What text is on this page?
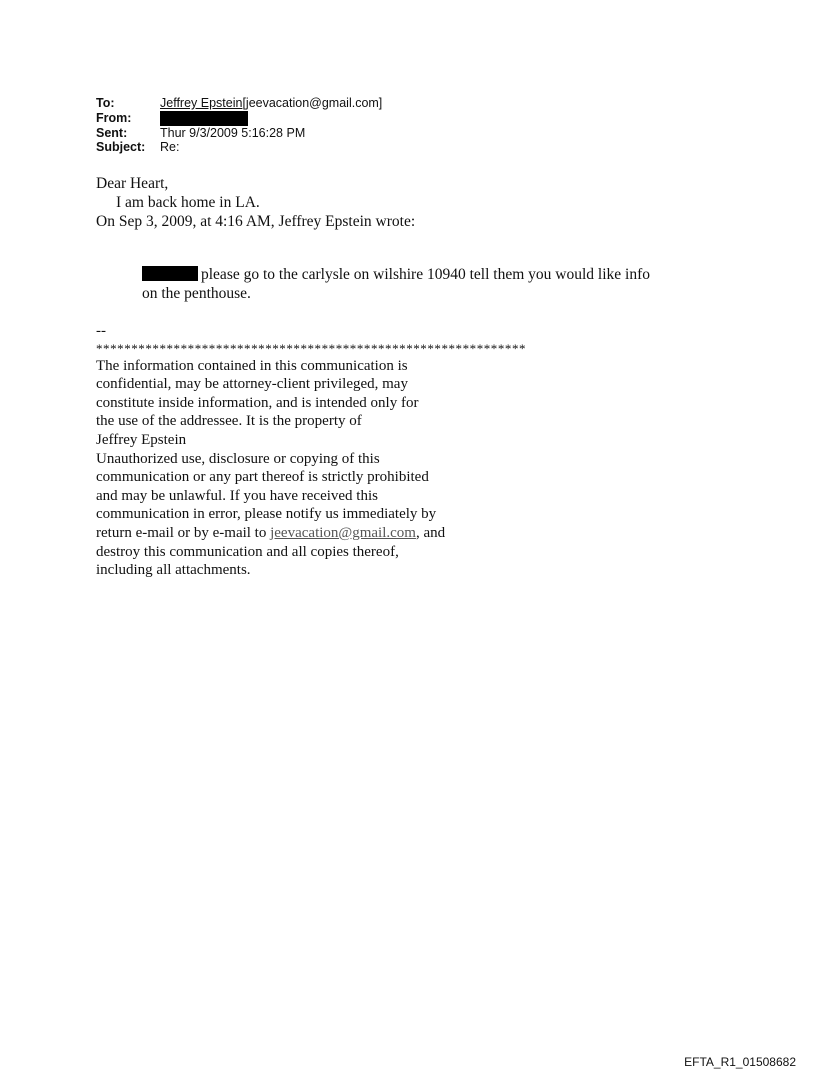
To:	Jeffrey Epstein[jeevacation@gmail.com]
From:
Sent:	Thur 9/3/2009 5:16:28 PM
Subject:	Re:
Dear Heart,
I am back home in LA.
On Sep 3, 2009, at 4:16 AM, Jeffrey Epstein wrote:
please go to the carlysle on wilshire 10940 tell them you would like info
on the penthouse.
--
*************************************************************
The information contained in this communication is
confidential, may be attorney-client privileged, may
constitute inside information, and is intended only for
the use of the addressee. It is the property of
Jeffrey Epstein
Unauthorized use, disclosure or copying of this
communication or any part thereof is strictly prohibited
and may be unlawful. If you have received this
communication in error, please notify us immediately by
return e-mail or by e-mail to jeevacation@gmail.com, and
destroy this communication and all copies thereof,
including all attachments.
EFTA_R1_01508682
